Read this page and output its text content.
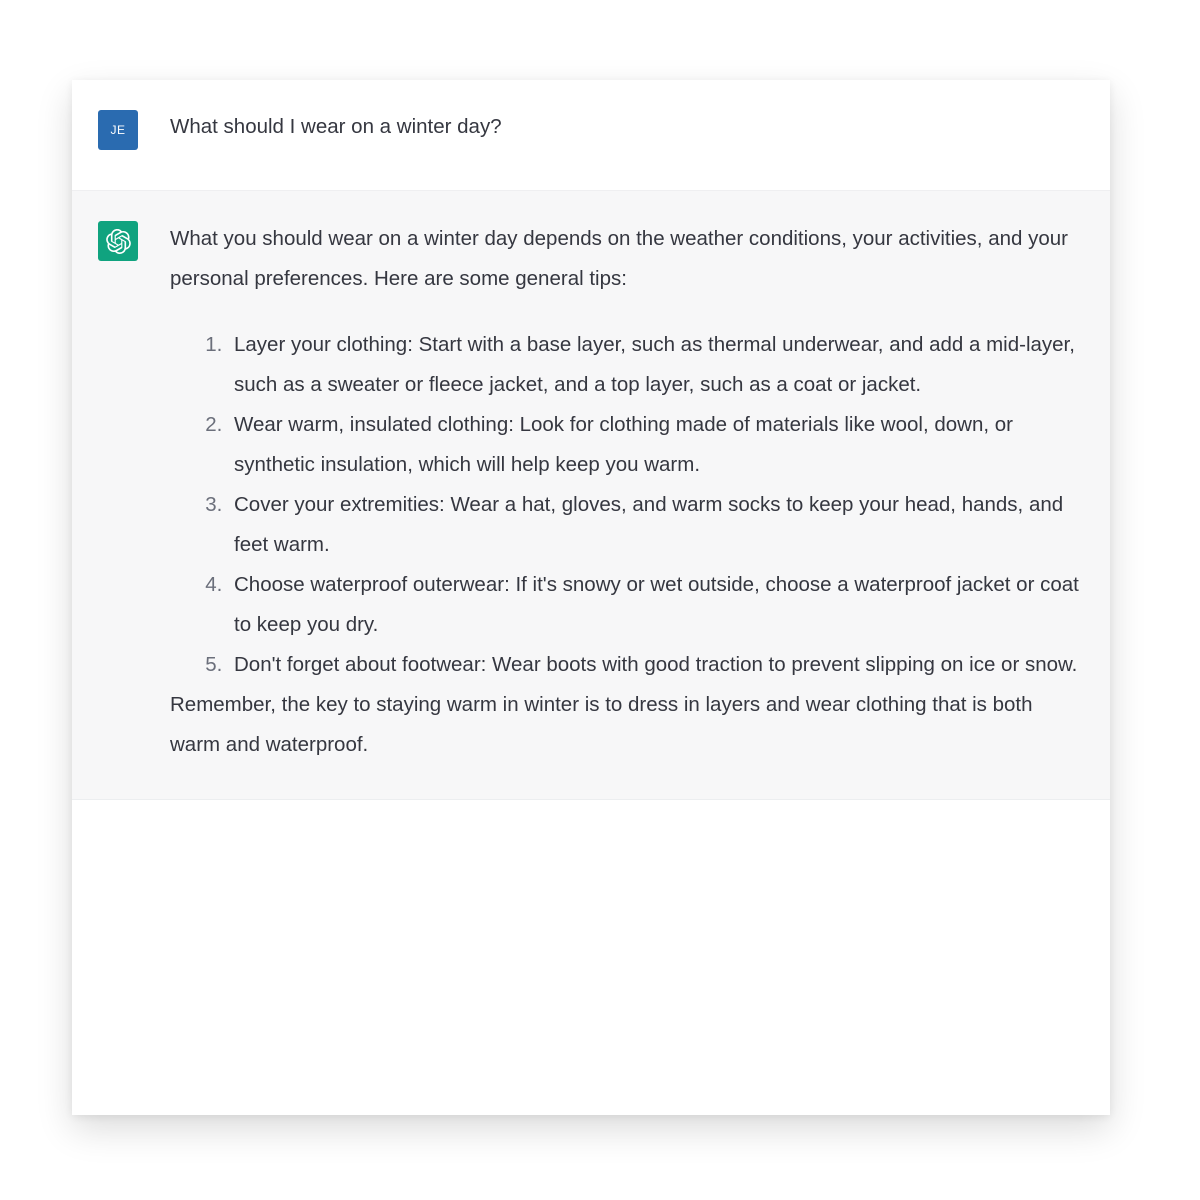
JE What should I wear on a winter day?

What you should wear on a winter day depends on the weather conditions, your activities, and your personal preferences. Here are some general tips:

1. Layer your clothing: Start with a base layer, such as thermal underwear, and add a mid-layer, such as a sweater or fleece jacket, and a top layer, such as a coat or jacket.
2. Wear warm, insulated clothing: Look for clothing made of materials like wool, down, or synthetic insulation, which will help keep you warm.
3. Cover your extremities: Wear a hat, gloves, and warm socks to keep your head, hands, and feet warm.
4. Choose waterproof outerwear: If it's snowy or wet outside, choose a waterproof jacket or coat to keep you dry.
5. Don't forget about footwear: Wear boots with good traction to prevent slipping on ice or snow.

Remember, the key to staying warm in winter is to dress in layers and wear clothing that is both warm and waterproof.
